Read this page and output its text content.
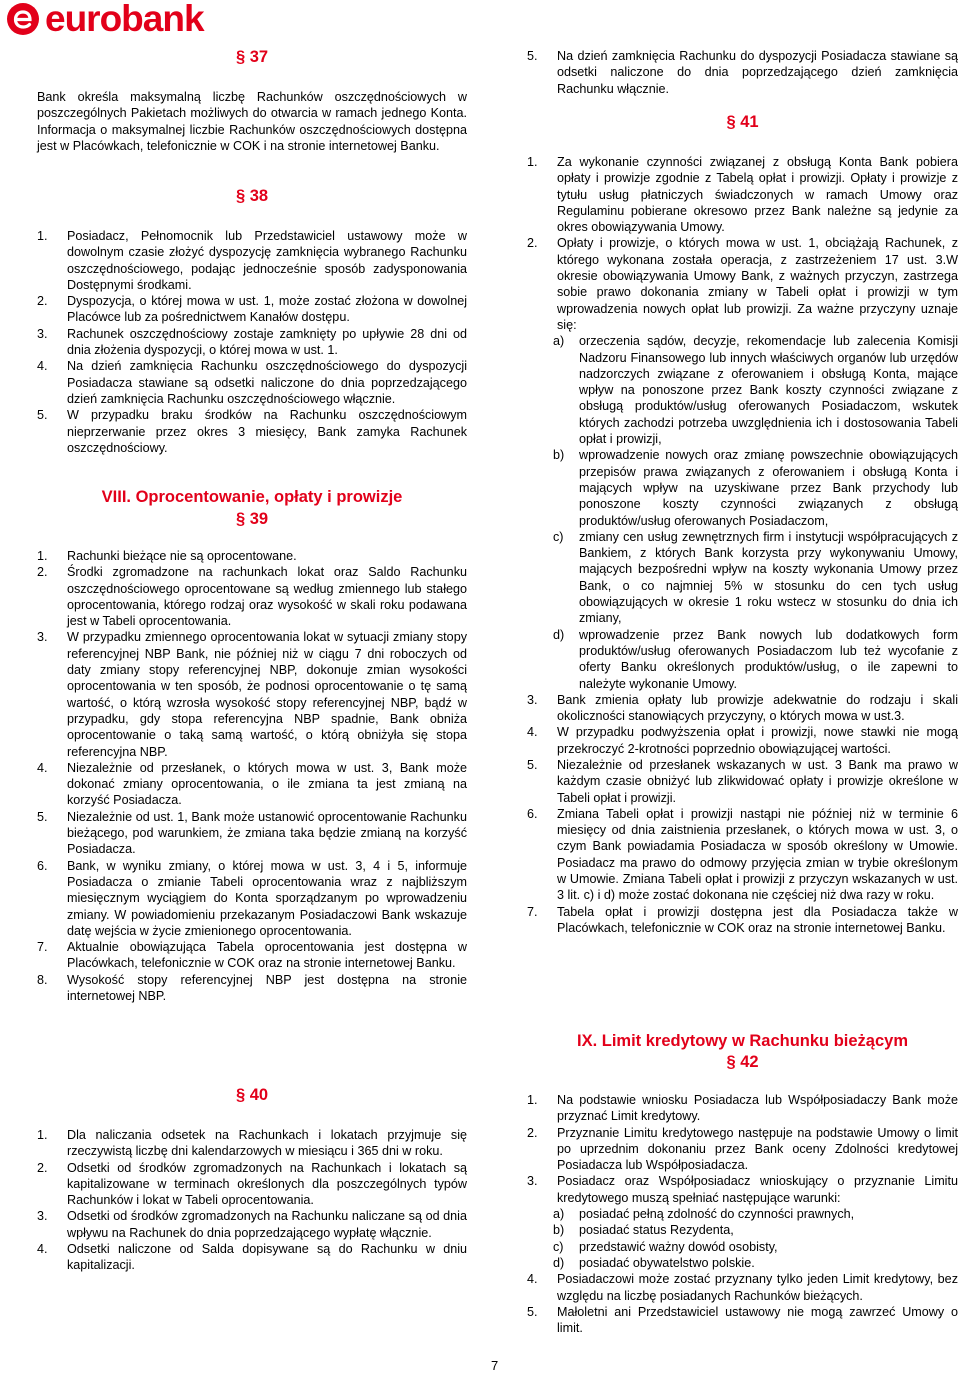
eurobank
§ 37

Bank określa maksymalną liczbę Rachunków oszczędnościowych w poszczególnych Pakietach możliwych do otwarcia w ramach jednego Konta. Informacja o maksymalnej liczbie Rachunków oszczędnościowych dostępna jest w Placówkach, telefonicznie w COK i na stronie internetowej Banku.

§ 38
1.	Posiadacz, Pełnomocnik lub Przedstawiciel ustawowy może w dowolnym czasie złożyć dyspozycję zamknięcia wybranego Rachunku oszczędnościowego, podając jednocześnie sposób zadysponowania Dostępnymi środkami.
2.	Dyspozycja, o której mowa w ust. 1, może zostać złożona w dowolnej Placówce lub za pośrednictwem Kanałów dostępu.
3.	Rachunek oszczędnościowy zostaje zamknięty po upływie 28 dni od dnia złożenia dyspozycji, o której mowa w ust. 1.
4.	Na dzień zamknięcia Rachunku oszczędnościowego do dyspozycji Posiadacza stawiane są odsetki naliczone do dnia poprzedzającego dzień zamknięcia Rachunku oszczędnościowego włącznie.
5.	W przypadku braku środków na Rachunku oszczędnościowym nieprzerwanie przez okres 3 miesięcy, Bank zamyka Rachunek oszczędnościowy.
VIII. Oprocentowanie, opłaty i prowizje
§ 39
1.	Rachunki bieżące nie są oprocentowane.
2.	Środki zgromadzone na rachunkach lokat oraz Saldo Rachunku oszczędnościowego oprocentowane są według zmiennego lub stałego oprocentowania, którego rodzaj oraz wysokość w skali roku podawana jest w Tabeli oprocentowania.
3.	W przypadku zmiennego oprocentowania lokat w sytuacji zmiany stopy referencyjnej NBP Bank, nie później niż w ciągu 7 dni roboczych od daty zmiany stopy referencyjnej NBP, dokonuje zmian wysokości oprocentowania w ten sposób, że podnosi oprocentowanie o tę samą wartość, o którą wzrosła wysokość stopy referencyjnej NBP, bądź w przypadku, gdy stopa referencyjna NBP spadnie, Bank obniża oprocentowanie o taką samą wartość, o którą obniżyła się stopa referencyjna NBP.
4.	Niezależnie od przesłanek, o których mowa w ust. 3, Bank może dokonać zmiany oprocentowania, o ile zmiana ta jest zmianą na korzyść Posiadacza.
5.	Niezależnie od ust. 1, Bank może ustanowić oprocentowanie Rachunku bieżącego, pod warunkiem, że zmiana taka będzie zmianą na korzyść Posiadacza.
6.	Bank, w wyniku zmiany, o której mowa w ust. 3, 4 i 5, informuje Posiadacza o zmianie Tabeli oprocentowania wraz z najbliższym miesięcznym wyciągiem do Konta sporządzanym po wprowadzeniu zmiany. W powiadomieniu przekazanym Posiadaczowi Bank wskazuje datę wejścia w życie zmienionego oprocentowania.
7.	Aktualnie obowiązująca Tabela oprocentowania jest dostępna w Placówkach, telefonicznie w COK oraz na stronie internetowej Banku.
8.	Wysokość stopy referencyjnej NBP jest dostępna na stronie internetowej NBP.
§ 40
1.	Dla naliczania odsetek na Rachunkach i lokatach przyjmuje się rzeczywistą liczbę dni kalendarzowych w miesiącu i 365 dni w roku.
2.	Odsetki od środków zgromadzonych na Rachunkach i lokatach są kapitalizowane w terminach określonych dla poszczególnych typów Rachunków i lokat w Tabeli oprocentowania.
3.	Odsetki od środków zgromadzonych na Rachunku naliczane są od dnia wpływu na Rachunek do dnia poprzedzającego wypłatę włącznie.
4.	Odsetki naliczone od Salda dopisywane są do Rachunku w dniu kapitalizacji.
5.	Na dzień zamknięcia Rachunku do dyspozycji Posiadacza stawiane są odsetki naliczone do dnia poprzedzającego dzień zamknięcia Rachunku włącznie.
§ 41
1.	Za wykonanie czynności związanej z obsługą Konta Bank pobiera opłaty i prowizje zgodnie z Tabelą opłat i prowizji. Opłaty i prowizje z tytułu usług płatniczych świadczonych w ramach Umowy oraz Regulaminu pobierane okresowo przez Bank należne są jedynie za okres obowiązywania Umowy.
2.	Opłaty i prowizje, o których mowa w ust. 1, obciążają Rachunek, z którego wykonana została operacja, z zastrzeżeniem 17 ust. 3.W okresie obowiązywania Umowy Bank, z ważnych przyczyn, zastrzega sobie prawo dokonania zmiany w Tabeli opłat i prowizji w tym wprowadzenia nowych opłat lub prowizji. Za ważne przyczyny uznaje się:
a)	orzeczenia sądów, decyzje, rekomendacje lub zalecenia Komisji Nadzoru Finansowego lub innych właściwych organów lub urzędów nadzorczych związane z oferowaniem i obsługą Konta, mające wpływ na ponoszone przez Bank koszty czynności związane z obsługą produktów/usług oferowanych Posiadaczom, wskutek których zachodzi potrzeba uwzględnienia ich i dostosowania Tabeli opłat i prowizji,
b)	wprowadzenie nowych oraz zmianę powszechnie obowiązujących przepisów prawa związanych z oferowaniem i obsługą Konta i mających wpływ na uzyskiwane przez Bank przychody lub ponoszone koszty czynności związanych z obsługą produktów/usług oferowanych Posiadaczom,
c)	zmiany cen usług zewnętrznych firm i instytucji współpracujących z Bankiem, z których Bank korzysta przy wykonywaniu Umowy, mających bezpośredni wpływ na koszty wykonania Umowy przez Bank, o co najmniej 5% w stosunku do cen tych usług obowiązujących w okresie 1 roku wstecz w stosunku do dnia ich zmiany,
d)	wprowadzenie przez Bank nowych lub dodatkowych form produktów/usług oferowanych Posiadaczom lub też wycofanie z oferty Banku określonych produktów/usług, o ile zapewni to należyte wykonanie Umowy.
3.	Bank zmienia opłaty lub prowizje adekwatnie do rodzaju i skali okoliczności stanowiących przyczyny, o których mowa w ust.3.
4.	W przypadku podwyższenia opłat i prowizji, nowe stawki nie mogą przekroczyć 2-krotności poprzednio obowiązującej wartości.
5.	Niezależnie od przesłanek wskazanych w ust. 3 Bank ma prawo w każdym czasie obniżyć lub zlikwidować opłaty i prowizje określone w Tabeli opłat i prowizji.
6.	Zmiana Tabeli opłat i prowizji nastąpi nie później niż w terminie 6 miesięcy od dnia zaistnienia przesłanek, o których mowa w ust. 3, o czym Bank powiadamia Posiadacza w sposób określony w Umowie. Posiadacz ma prawo do odmowy przyjęcia zmian w trybie określonym w Umowie. Zmiana Tabeli opłat i prowizji z przyczyn wskazanych w ust. 3 lit. c) i d) może zostać dokonana nie częściej niż dwa razy w roku.
7.	Tabela opłat i prowizji dostępna jest dla Posiadacza także w Placówkach, telefonicznie w COK oraz na stronie internetowej Banku.
IX. Limit kredytowy w Rachunku bieżącym
§ 42
1.	Na podstawie wniosku Posiadacza lub Współposiadaczy Bank może przyznać Limit kredytowy.
2.	Przyznanie Limitu kredytowego następuje na podstawie Umowy o limit po uprzednim dokonaniu przez Bank oceny Zdolności kredytowej Posiadacza lub Współposiadacza.
3.	Posiadacz oraz Współposiadacz wnioskujący o przyznanie Limitu kredytowego muszą spełniać następujące warunki:
a)	posiadać pełną zdolność do czynności prawnych,
b)	posiadać status Rezydenta,
c)	przedstawić ważny dowód osobisty,
d)	posiadać obywatelstwo polskie.
4.	Posiadaczowi może zostać przyznany tylko jeden Limit kredytowy, bez względu na liczbę posiadanych Rachunków bieżących.
5.	Małoletni ani Przedstawiciel ustawowy nie mogą zawrzeć Umowy o limit.
7
